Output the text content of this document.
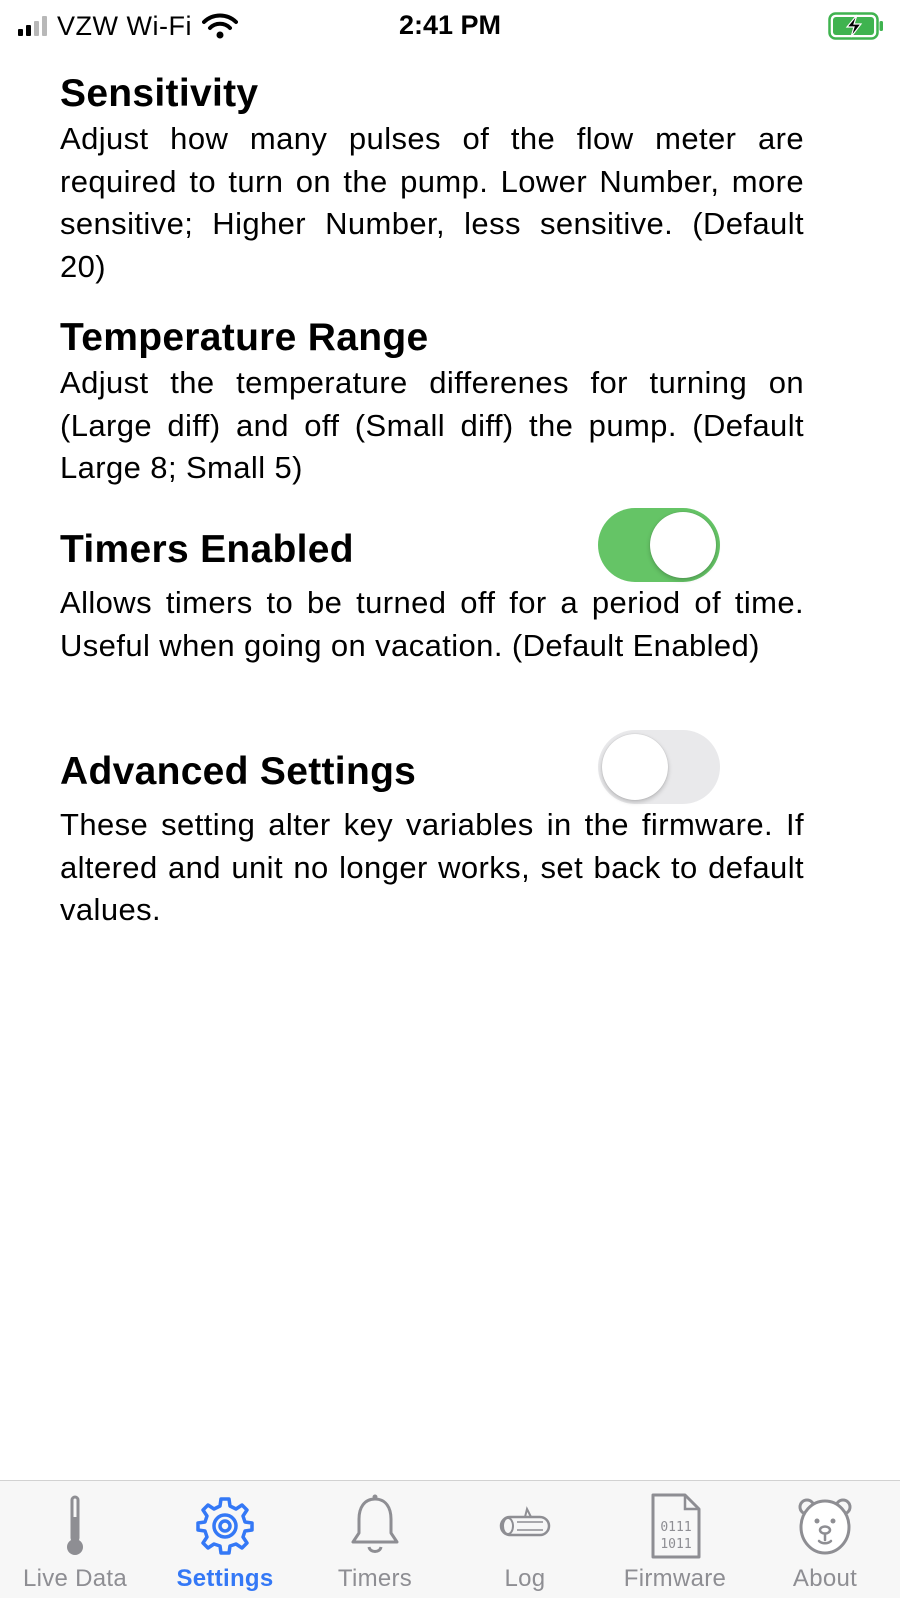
VZW Wi-Fi	2:41 PM
Sensitivity
Adjust how many pulses of the flow meter are required to turn on the pump. Lower Number, more sensitive; Higher Number, less sensitive. (Default 20)
Temperature Range
Adjust the temperature differenes for turning on (Large diff) and off (Small diff) the pump. (Default Large 8; Small 5)
Timers Enabled
Allows timers to be turned off for a period of time. Useful when going on vacation. (Default Enabled)
Advanced Settings
These setting alter key variables in the firmware. If altered and unit no longer works, set back to default values.
Live Data	Settings	Timers	Log
0111
1011
Firmware	About
